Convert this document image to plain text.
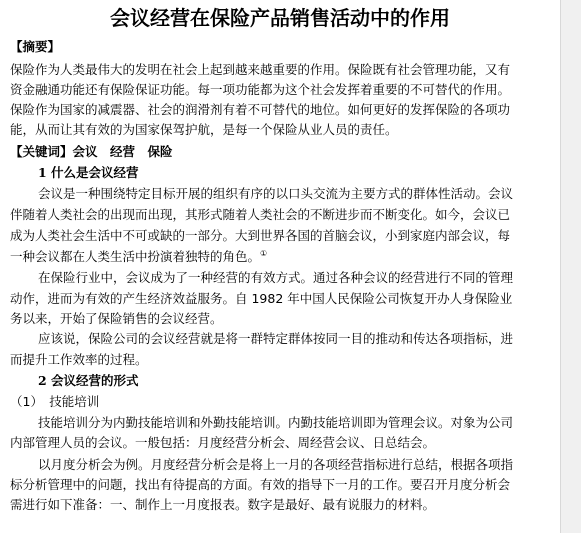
会议经营在保险产品销售活动中的作用
【摘要】
保险作为人类最伟大的发明在社会上起到越来越重要的作用。保险既有社会管理功能，又有
资金融通功能还有保险保证功能。每一项功能都为这个社会发挥着重要的不可替代的作用。
保险作为国家的减震器、社会的润滑剂有着不可替代的地位。如何更好的发挥保险的各项功
能，从而让其有效的为国家保驾护航，是每一个保险从业人员的责任。
【关键词】会议　经营　保险
1 什么是会议经营
会议是一种围绕特定目标开展的组织有序的以口头交流为主要方式的群体性活动。会议
伴随着人类社会的出现而出现，其形式随着人类社会的不断进步而不断变化。如今，会议已
成为人类社会生活中不可或缺的一部分。大到世界各国的首脑会议，小到家庭内部会议，每
一种会议都在人类生活中扮演着独特的角色。①
在保险行业中，会议成为了一种经营的有效方式。通过各种会议的经营进行不同的管理
动作，进而为有效的产生经济效益服务。自 1982 年中国人民保险公司恢复开办人身保险业
务以来，开始了保险销售的会议经营。
应该说，保险公司的会议经营就是将一群特定群体按同一目的推动和传达各项指标，进
而提升工作效率的过程。
2 会议经营的形式
（1）　技能培训
技能培训分为内勤技能培训和外勤技能培训。内勤技能培训即为管理会议。对象为公司
内部管理人员的会议。一般包括：月度经营分析会、周经营会议、日总结会。
以月度分析会为例。月度经营分析会是将上一月的各项经营指标进行总结，根据各项指
标分析管理中的问题，找出有待提高的方面。有效的指导下一月的工作。要召开月度分析会
需进行如下准备：一、制作上一月度报表。数字是最好、最有说服力的材料。
